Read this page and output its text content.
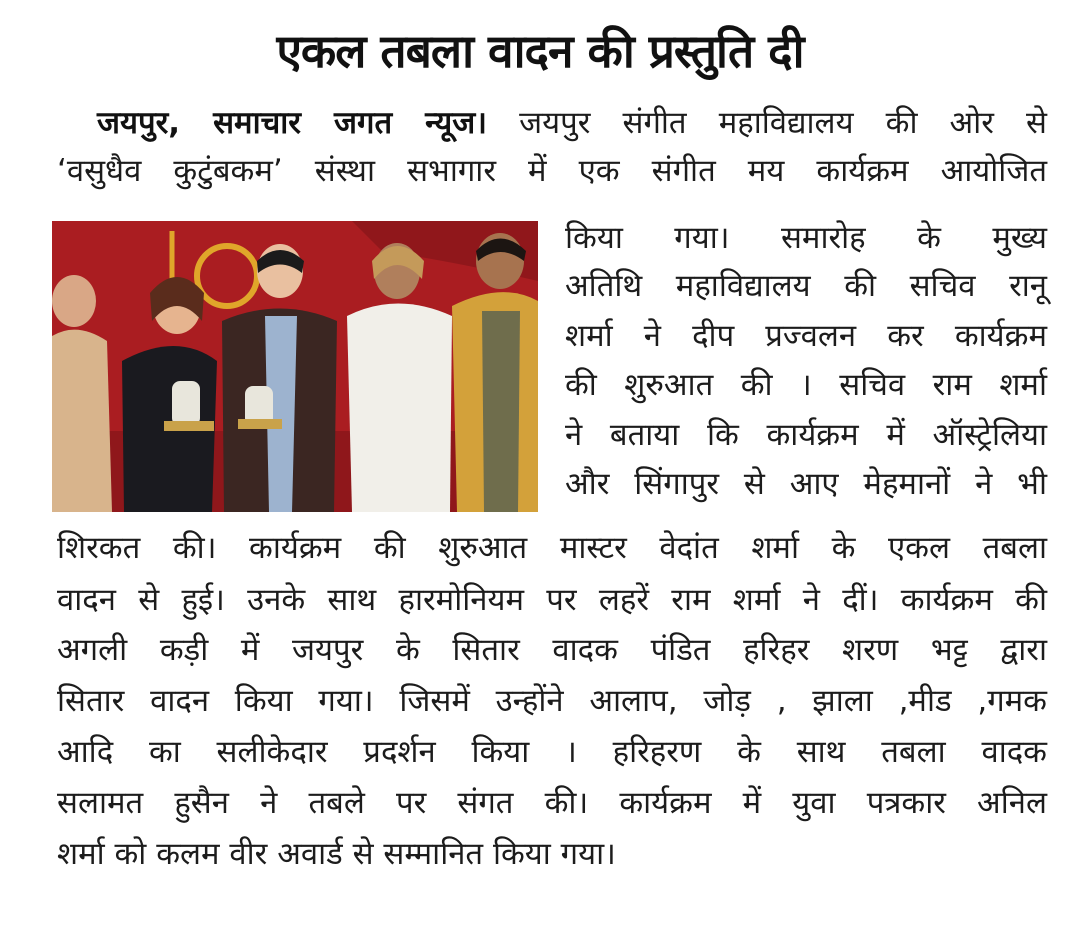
एकल तबला वादन की प्रस्तुति दी
जयपुर, समाचार जगत न्यूज। जयपुर संगीत महाविद्यालय की ओर से
‘वसुधैव कुटुंबकम’ संस्था सभागार में एक संगीत मय कार्यक्रम आयोजित
किया गया। समारोह के मुख्य
अतिथि महाविद्यालय की सचिव रानू
शर्मा ने दीप प्रज्वलन कर कार्यक्रम
की शुरुआत की । सचिव राम शर्मा
ने बताया कि कार्यक्रम में ऑस्ट्रेलिया
और सिंगापुर से आए मेहमानों ने भी
शिरकत की। कार्यक्रम की शुरुआत मास्टर वेदांत शर्मा के एकल तबला
वादन से हुई। उनके साथ हारमोनियम पर लहरें राम शर्मा ने दीं। कार्यक्रम की
अगली कड़ी में जयपुर के सितार वादक पंडित हरिहर शरण भट्ट द्वारा
सितार वादन किया गया। जिसमें उन्होंने आलाप, जोड़ , झाला ,मीड ,गमक
आदि का सलीकेदार प्रदर्शन किया । हरिहरण के साथ तबला वादक
सलामत हुसैन ने तबले पर संगत की। कार्यक्रम में युवा पत्रकार अनिल
शर्मा को कलम वीर अवार्ड से सम्मानित किया गया।
